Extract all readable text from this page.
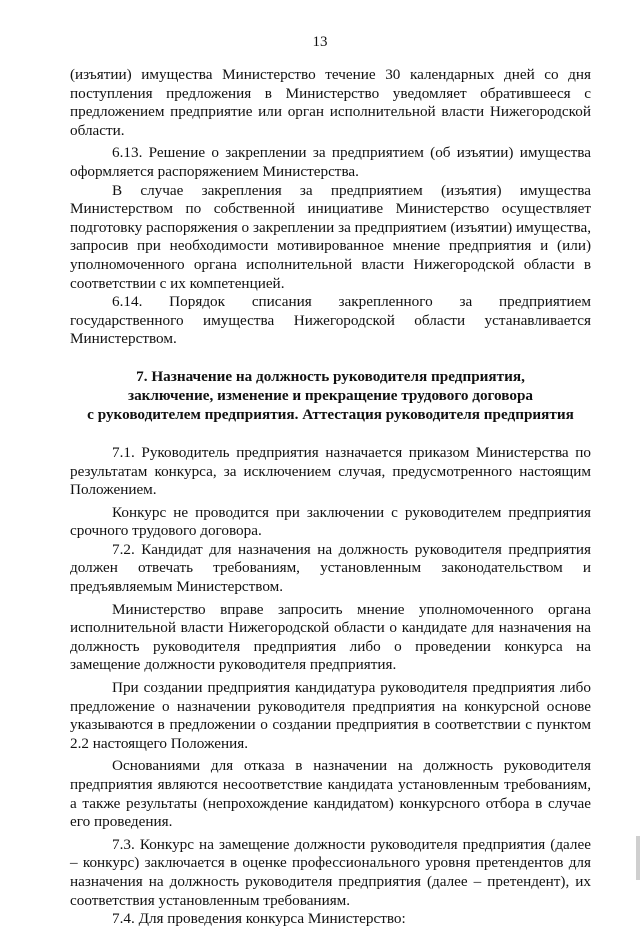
13

(изъятии) имущества Министерство течение 30 календарных дней со дня поступления предложения в Министерство уведомляет обратившееся с предложением предприятие или орган исполнительной власти Нижегородской области.

6.13. Решение о закреплении за предприятием (об изъятии) имущества оформляется распоряжением Министерства.

В случае закрепления за предприятием (изъятия) имущества Министерством по собственной инициативе Министерство осуществляет подготовку распоряжения о закреплении за предприятием (изъятии) имущества, запросив при необходимости мотивированное мнение предприятия и (или) уполномоченного органа исполнительной власти Нижегородской области в соответствии с их компетенцией.

6.14. Порядок списания закрепленного за предприятием государственного имущества Нижегородской области устанавливается Министерством.

7. Назначение на должность руководителя предприятия,
заключение, изменение и прекращение трудового договора
с руководителем предприятия. Аттестация руководителя предприятия

7.1. Руководитель предприятия назначается приказом Министерства по результатам конкурса, за исключением случая, предусмотренного настоящим Положением.

Конкурс не проводится при заключении с руководителем предприятия срочного трудового договора.

7.2. Кандидат для назначения на должность руководителя предприятия должен отвечать требованиям, установленным законодательством и предъявляемым Министерством.

Министерство вправе запросить мнение уполномоченного органа исполнительной власти Нижегородской области о кандидате для назначения на должность руководителя предприятия либо о проведении конкурса на замещение должности руководителя предприятия.

При создании предприятия кандидатура руководителя предприятия либо предложение о назначении руководителя предприятия на конкурсной основе указываются в предложении о создании предприятия в соответствии с пунктом 2.2 настоящего Положения.

Основаниями для отказа в назначении на должность руководителя предприятия являются несоответствие кандидата установленным требованиям, а также результаты (непрохождение кандидатом) конкурсного отбора в случае его проведения.

7.3. Конкурс на замещение должности руководителя предприятия (далее – конкурс) заключается в оценке профессионального уровня претендентов для назначения на должность руководителя предприятия (далее – претендент), их соответствия установленным требованиям.

7.4. Для проведения конкурса Министерство:
